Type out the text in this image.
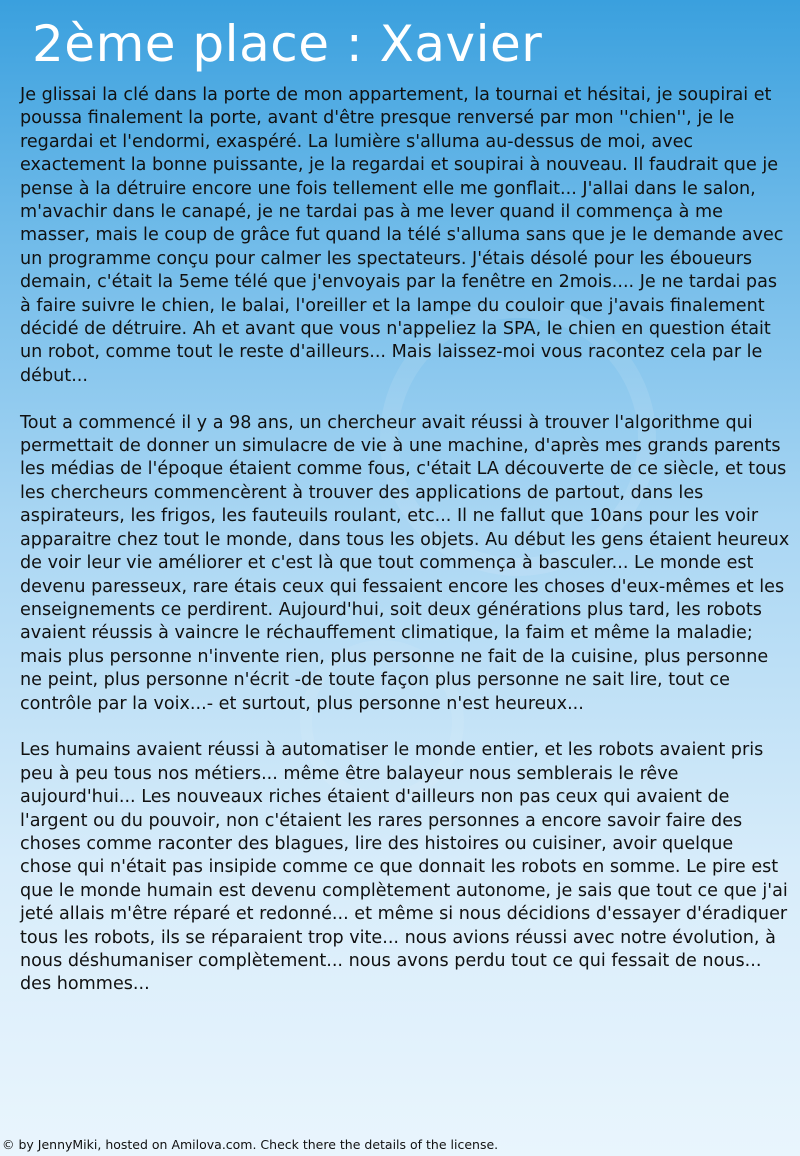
2ème place : Xavier

Je glissai la clé dans la porte de mon appartement, la tournai et hésitai, je soupirai et poussa finalement la porte, avant d'être presque renversé par mon ''chien'', je le regardai et l'endormi, exaspéré. La lumière s'alluma au-dessus de moi, avec exactement la bonne puissante, je la regardai et soupirai à nouveau. Il faudrait que je pense à la détruire encore une fois tellement elle me gonflait... J'allai dans le salon, m'avachir dans le canapé, je ne tardai pas à me lever quand il commença à me masser, mais le coup de grâce fut quand la télé s'alluma sans que je le demande avec un programme conçu pour calmer les spectateurs. J'étais désolé pour les éboueurs demain, c'était la 5eme télé que j'envoyais par la fenêtre en 2mois.... Je ne tardai pas à faire suivre le chien, le balai, l'oreiller et la lampe du couloir que j'avais finalement décidé de détruire. Ah et avant que vous n'appeliez la SPA, le chien en question était un robot, comme tout le reste d'ailleurs... Mais laissez-moi vous racontez cela par le début...

Tout a commencé il y a 98 ans, un chercheur avait réussi à trouver l'algorithme qui permettait de donner un simulacre de vie à une machine, d'après mes grands parents les médias de l'époque étaient comme fous, c'était LA découverte de ce siècle, et tous les chercheurs commencèrent à trouver des applications de partout, dans les aspirateurs, les frigos, les fauteuils roulant, etc... Il ne fallut que 10ans pour les voir apparaitre chez tout le monde, dans tous les objets. Au début les gens étaient heureux de voir leur vie améliorer et c'est là que tout commença à basculer... Le monde est devenu paresseux, rare étais ceux qui fessaient encore les choses d'eux-mêmes et les enseignements ce perdirent. Aujourd'hui, soit deux générations plus tard, les robots avaient réussis à vaincre le réchauffement climatique, la faim et même la maladie; mais plus personne n'invente rien, plus personne ne fait de la cuisine, plus personne ne peint, plus personne n'écrit -de toute façon plus personne ne sait lire, tout ce contrôle par la voix...- et surtout, plus personne n'est heureux...

Les humains avaient réussi à automatiser le monde entier, et les robots avaient pris peu à peu tous nos métiers... même être balayeur nous semblerais le rêve aujourd'hui... Les nouveaux riches étaient d'ailleurs non pas ceux qui avaient de l'argent ou du pouvoir, non c'étaient les rares personnes a encore savoir faire des choses comme raconter des blagues, lire des histoires ou cuisiner, avoir quelque chose qui n'était pas insipide comme ce que donnait les robots en somme. Le pire est que le monde humain est devenu complètement autonome, je sais que tout ce que j'ai jeté allais m'être réparé et redonné... et même si nous décidions d'essayer d'éradiquer tous les robots, ils se réparaient trop vite... nous avions réussi avec notre évolution, à nous déshumaniser complètement... nous avons perdu tout ce qui fessait de nous... des hommes...

© by JennyMiki, hosted on Amilova.com. Check there the details of the license.
